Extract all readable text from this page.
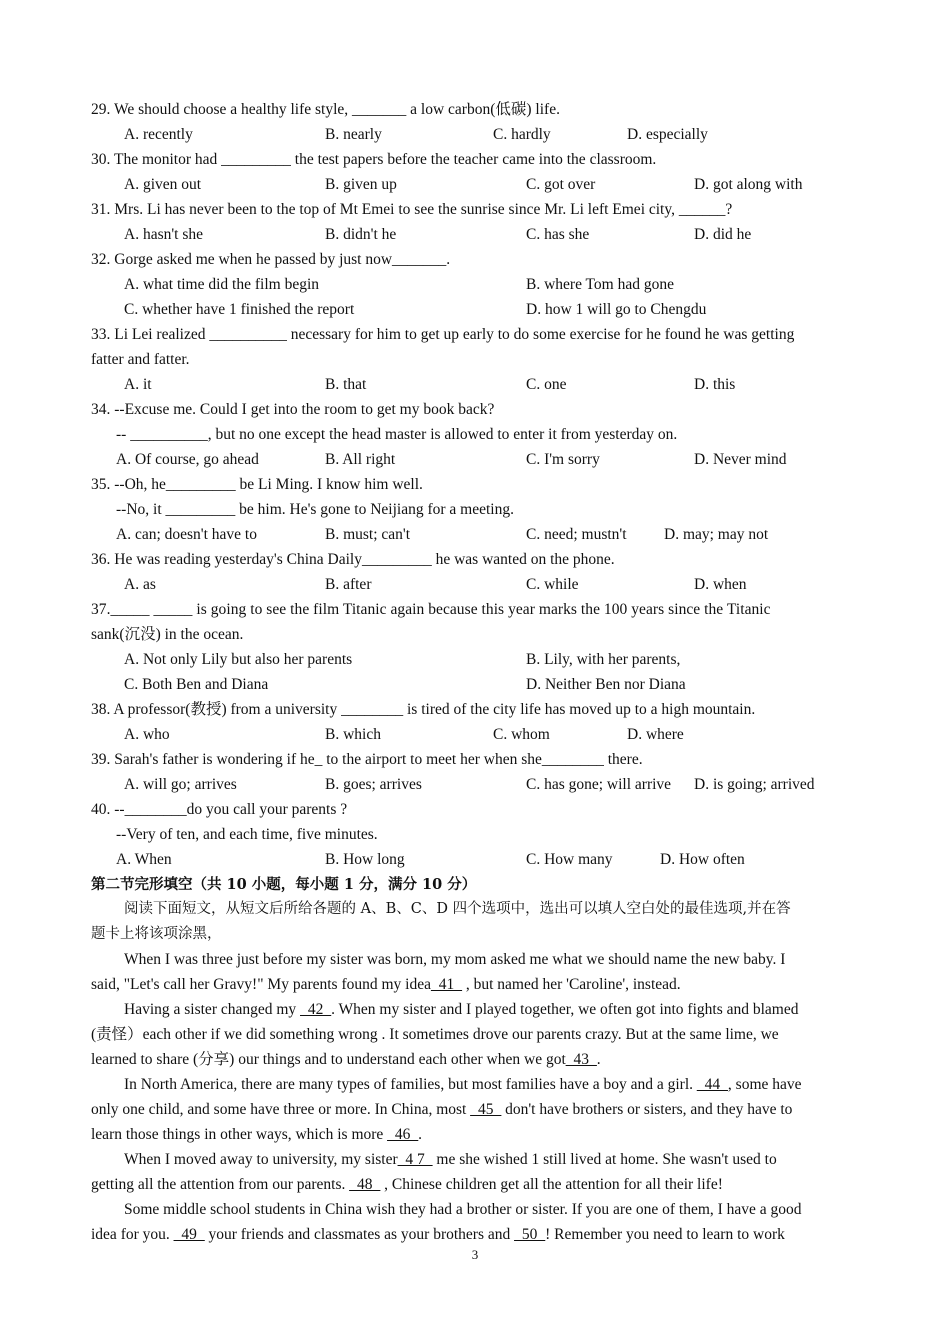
29. We should choose a healthy life style, _______ a low carbon(低碳) life.
A. recently	B. nearly	C. hardly	D. especially
30. The monitor had _________ the test papers before the teacher came into the classroom.
A. given out	B. given up	C. got over	D. got along with
31. Mrs. Li has never been to the top of Mt Emei to see the sunrise since Mr. Li left Emei city, ______?
A. hasn't she	B. didn't he	C. has she	D. did he
32. Gorge asked me when he passed by just now_______.
A. what time did the film begin	B. where Tom had gone
C. whether have 1 finished the report	D. how 1 will go to Chengdu
33. Li Lei realized __________ necessary for him to get up early to do some exercise for he found he was getting
fatter and fatter.
A. it	B. that	C. one	D. this
34. --Excuse me. Could I get into the room to get my book back?
-- __________, but no one except the head master is allowed to enter it from yesterday on.
A. Of course, go ahead	B. All right	C. I'm sorry	D. Never mind
35. --Oh, he_________ be Li Ming. I know him well.
--No, it _________ be him. He's gone to Neijiang for a meeting.
A. can; doesn't have to	B. must; can't	C. need; mustn't D. may; may not
36. He was reading yesterday's China Daily_________ he was wanted on the phone.
A. as	B. after	C. while	D. when
37._____ _____ is going to see the film Titanic again because this year marks the 100 years since the Titanic
sank(沉没) in the ocean.
A. Not only Lily but also her parents	B. Lily, with her parents,
C. Both Ben and Diana	D. Neither Ben nor Diana
38. A professor(教授) from a university ________ is tired of the city life has moved up to a high mountain.
A. who	B. which	C. whom	D. where
39. Sarah's father is wondering if he_ to the airport to meet her when she________ there.
A. will go; arrives	B. goes; arrives	C. has gone; will arrive D. is going; arrived
40. --________do you call your parents ?
--Very of ten, and each time, five minutes.
A. When	B. How long	C. How many	D. How often
第二节完形填空（共 10 小题，每小题 1 分，满分 10 分）
阅读下面短文，从短文后所给各题的 A、B、C、D 四个选项中，选出可以填人空白处的最佳选项,并在答
题卡上将该项涂黑，
When I was three just before my sister was born, my mom asked me what we should name the new baby. I
said, "Let's call her Gravy!" My parents found my idea_41_ , but named her 'Caroline', instead.
Having a sister changed my _42_. When my sister and I played together, we often got into fights and blamed
(责怪）each other if we did something wrong . It sometimes drove our parents crazy. But at the same lime, we
learned to share (分享) our things and to understand each other when we got_43_.
In North America, there are many types of families, but most families have a boy and a girl. _44_, some have
only one child, and some have three or more. In China, most _45_ don't have brothers or sisters, and they have to
learn those things in other ways, which is more _46_.
When I moved away to university, my sister_4 7_ me she wished 1 still lived at home. She wasn't used to
getting all the attention from our parents. _48_ , Chinese children get all the attention for all their life!
Some middle school students in China wish they had a brother or sister. If you are one of them, I have a good
idea for you. _49_ your friends and classmates as your brothers and _50_! Remember you need to learn to work
3
